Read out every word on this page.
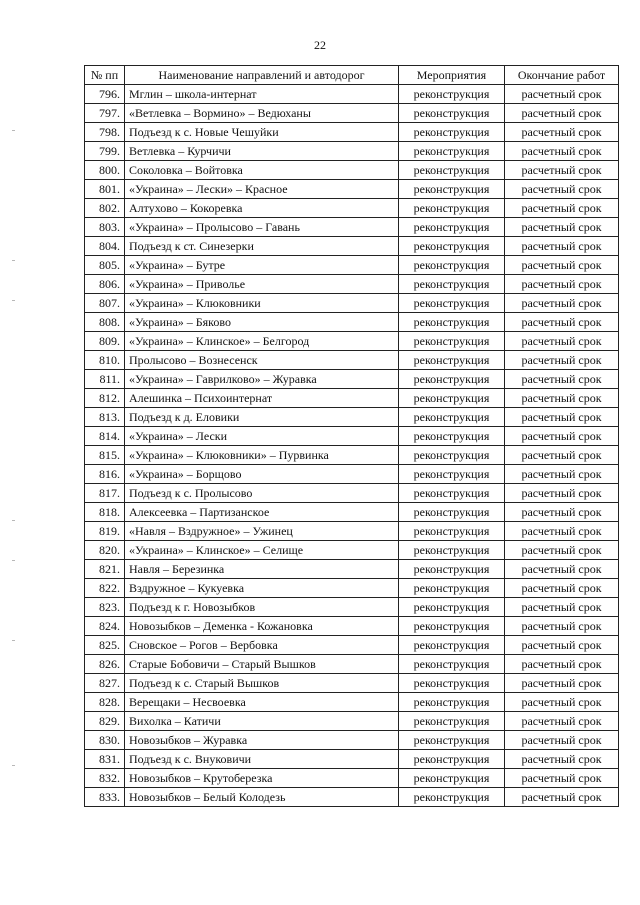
22
№ пп	Наименование направлений и автодорог	Мероприятия	Окончание работ
796.	Мглин – школа-интернат	реконструкция	расчетный срок
797.	«Ветлевка – Вормино» – Ведюханы	реконструкция	расчетный срок
798.	Подъезд к с. Новые Чешуйки	реконструкция	расчетный срок
799.	Ветлевка – Курчичи	реконструкция	расчетный срок
800.	Соколовка – Войтовка	реконструкция	расчетный срок
801.	«Украина» – Лески» – Красное	реконструкция	расчетный срок
802.	Алтухово – Кокоревка	реконструкция	расчетный срок
803.	«Украина» – Пролысово – Гавань	реконструкция	расчетный срок
804.	Подъезд к ст. Синезерки	реконструкция	расчетный срок
805.	«Украина» – Бутре	реконструкция	расчетный срок
806.	«Украина» – Приволье	реконструкция	расчетный срок
807.	«Украина» – Клюковники	реконструкция	расчетный срок
808.	«Украина» – Бяково	реконструкция	расчетный срок
809.	«Украина» – Клинское» – Белгород	реконструкция	расчетный срок
810.	Пролысово – Вознесенск	реконструкция	расчетный срок
811.	«Украина» – Гаврилково» – Журавка	реконструкция	расчетный срок
812.	Алешинка – Психоинтернат	реконструкция	расчетный срок
813.	Подъезд к д. Еловики	реконструкция	расчетный срок
814.	«Украина» – Лески	реконструкция	расчетный срок
815.	«Украина» – Клюковники» – Пурвинка	реконструкция	расчетный срок
816.	«Украина» – Борщово	реконструкция	расчетный срок
817.	Подъезд к с. Пролысово	реконструкция	расчетный срок
818.	Алексеевка – Партизанское	реконструкция	расчетный срок
819.	«Навля – Вздружное» – Ужинец	реконструкция	расчетный срок
820.	«Украина» – Клинское» – Селище	реконструкция	расчетный срок
821.	Навля – Березинка	реконструкция	расчетный срок
822.	Вздружное – Кукуевка	реконструкция	расчетный срок
823.	Подъезд к г. Новозыбков	реконструкция	расчетный срок
824.	Новозыбков – Деменка - Кожановка	реконструкция	расчетный срок
825.	Сновское – Рогов – Вербовка	реконструкция	расчетный срок
826.	Старые Бобовичи – Старый Вышков	реконструкция	расчетный срок
827.	Подъезд к с. Старый Вышков	реконструкция	расчетный срок
828.	Верещаки – Несвоевка	реконструкция	расчетный срок
829.	Вихолка – Катичи	реконструкция	расчетный срок
830.	Новозыбков – Журавка	реконструкция	расчетный срок
831.	Подъезд к с. Внуковичи	реконструкция	расчетный срок
832.	Новозыбков – Крутоберезка	реконструкция	расчетный срок
833.	Новозыбков – Белый Колодезь	реконструкция	расчетный срок
